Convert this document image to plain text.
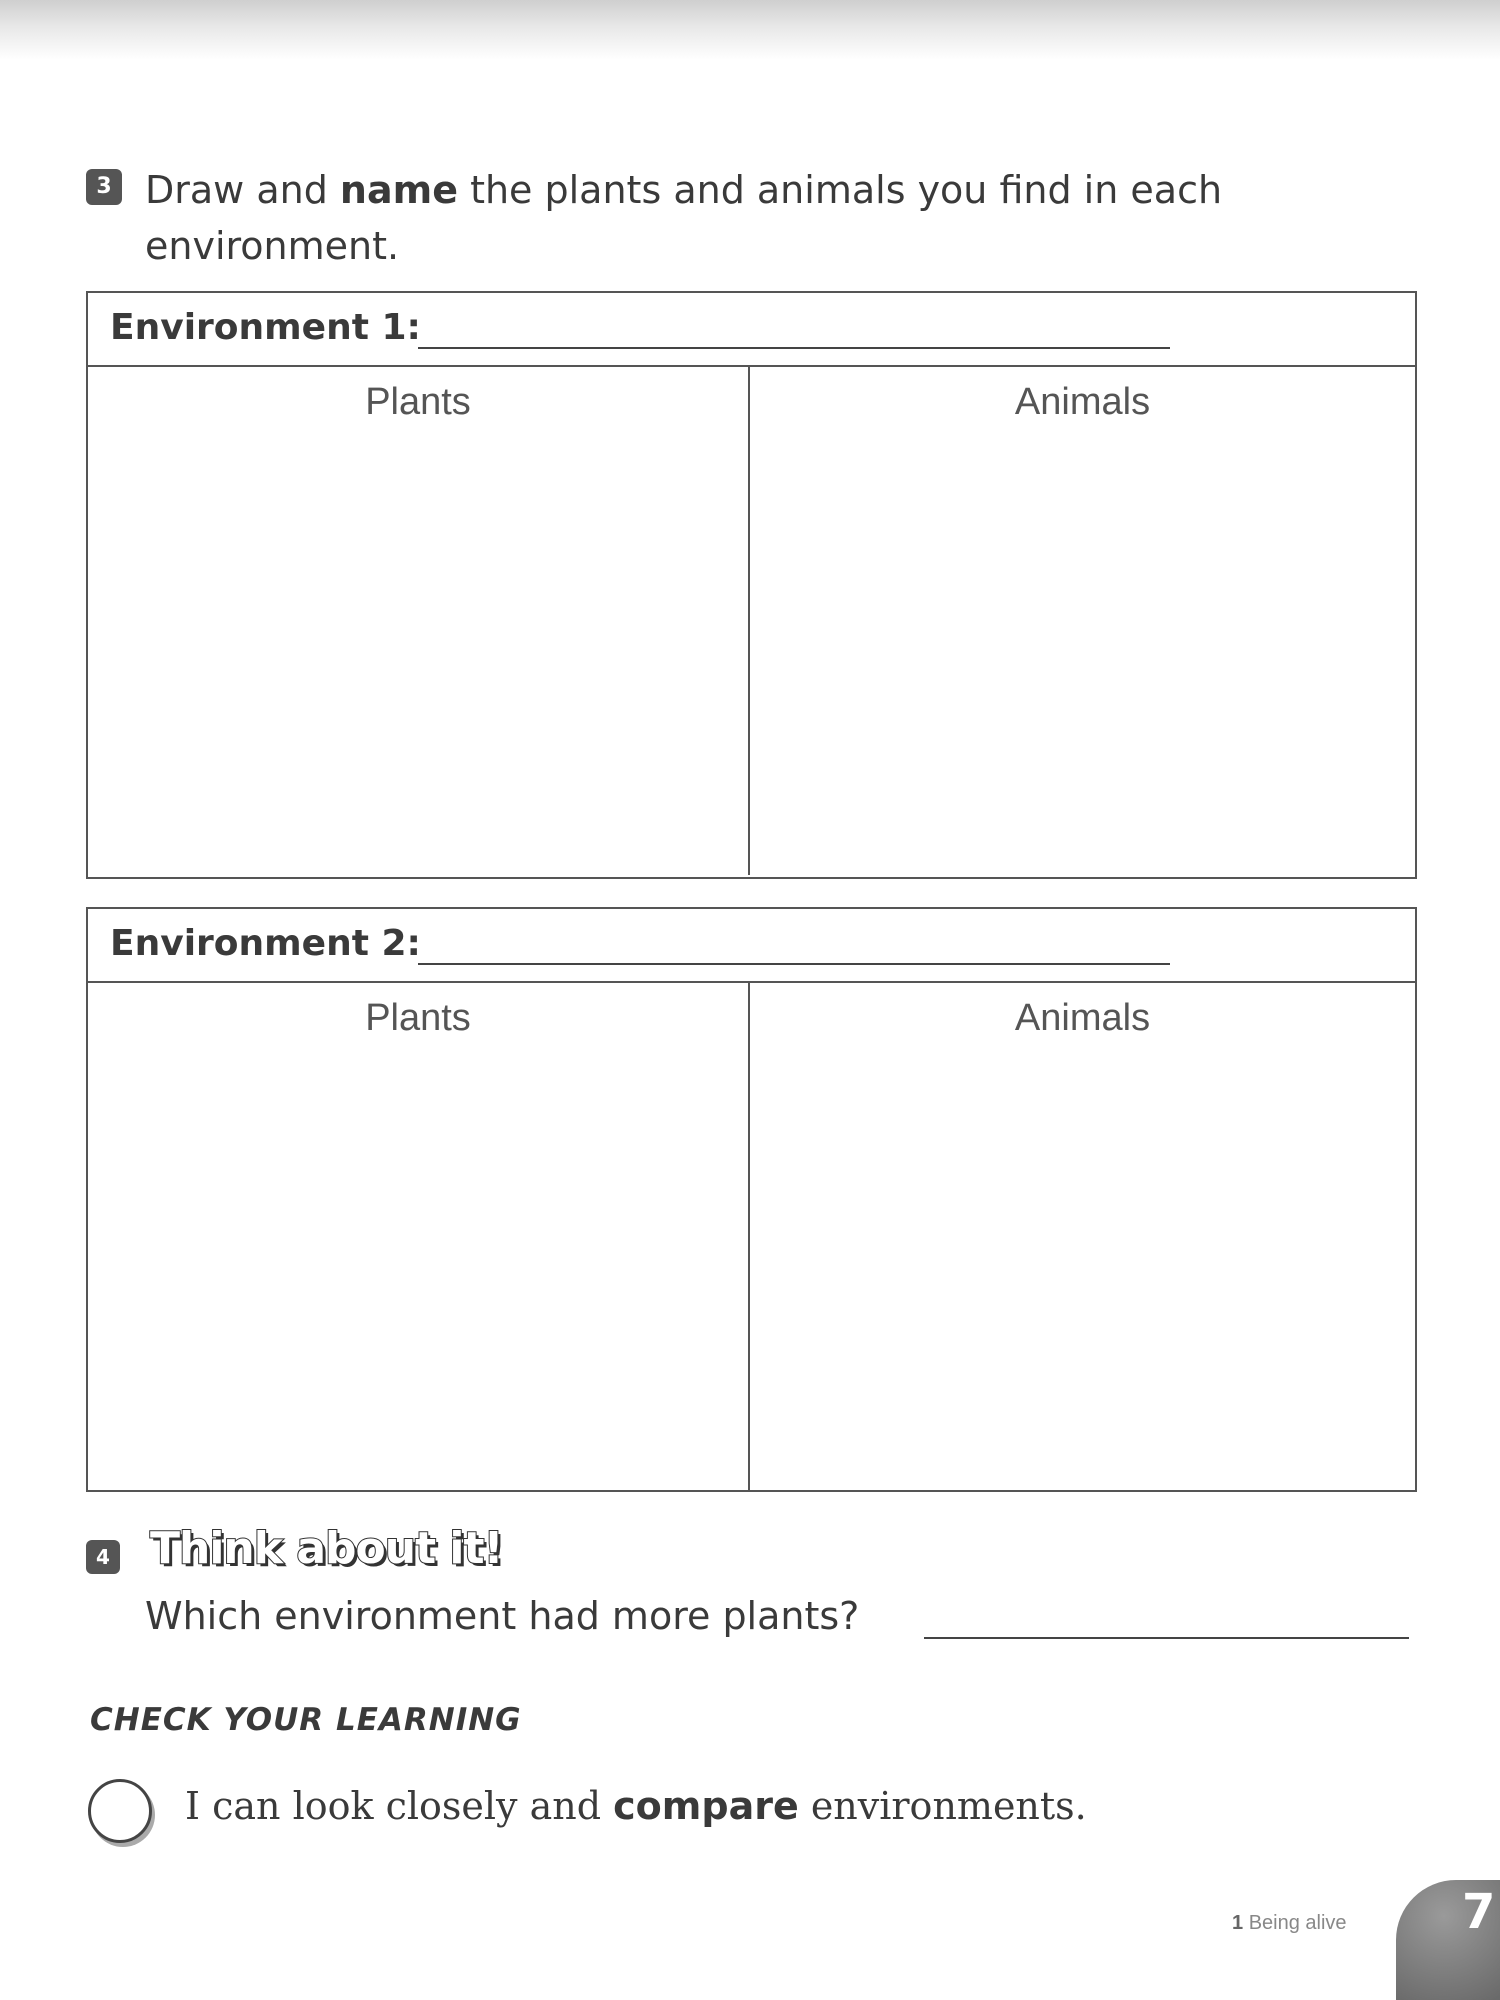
3 Draw and name the plants and animals you find in each environment.
Environment 1:
Plants	Animals
Environment 2:
Plants	Animals
4 Think about it!
Which environment had more plants?
CHECK YOUR LEARNING
I can look closely and compare environments.
1 Being alive 7
